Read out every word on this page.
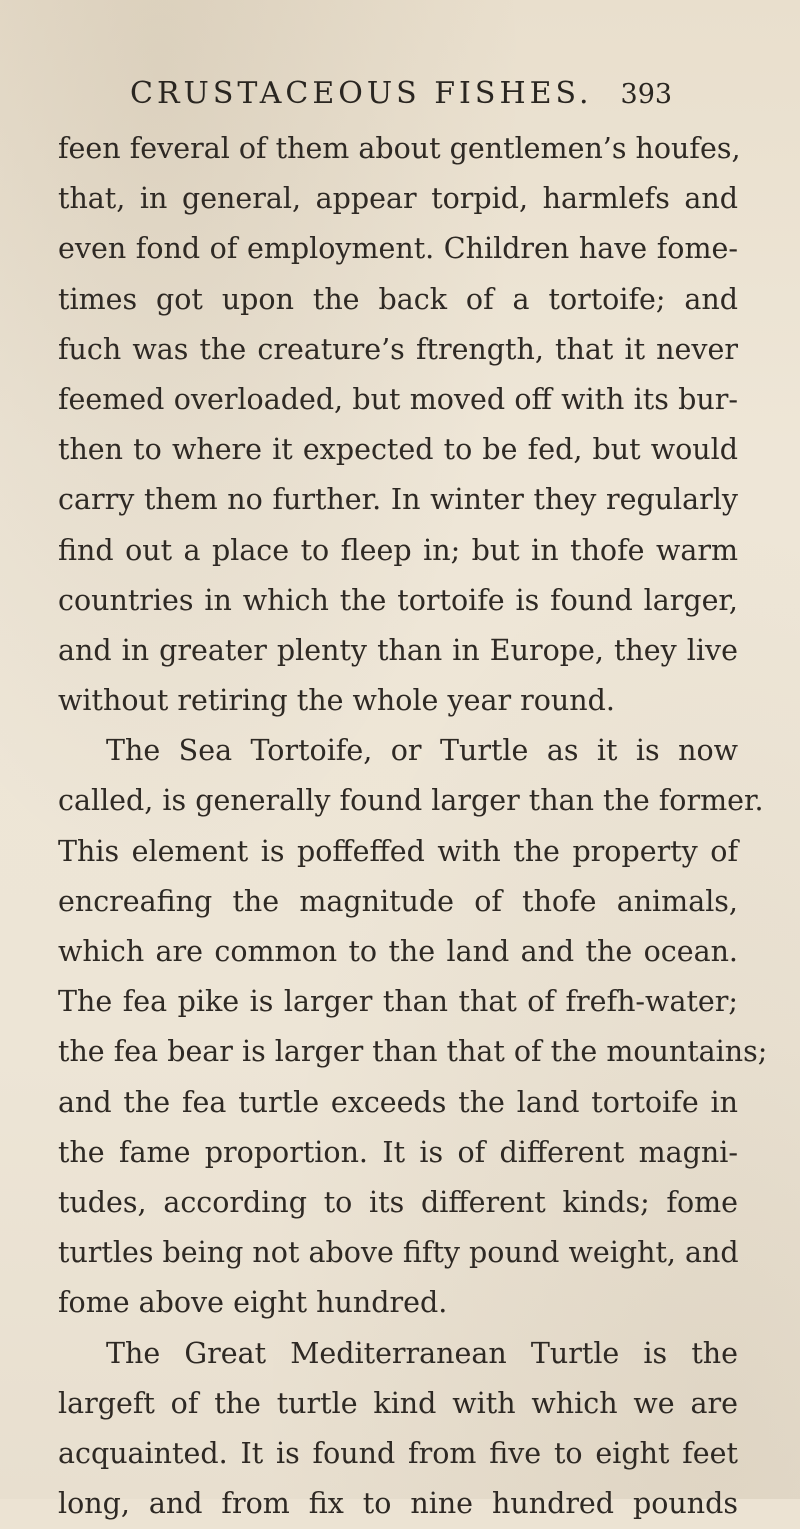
CRUSTACEOUS FISHES. 393
feen feveral of them about gentlemen’s houfes,
that, in general, appear torpid, harmlefs and
even fond of employment. Children have fome-
times got upon the back of a tortoife; and
fuch was the creature’s ftrength, that it never
feemed overloaded, but moved off with its bur-
then to where it expected to be fed, but would
carry them no further. In winter they regularly
find out a place to fleep in; but in thofe warm
countries in which the tortoife is found larger,
and in greater plenty than in Europe, they live
without retiring the whole year round.
The Sea Tortoife, or Turtle as it is now
called, is generally found larger than the former.
This element is poffeffed with the property of
encreafing the magnitude of thofe animals,
which are common to the land and the ocean.
The fea pike is larger than that of frefh-water;
the fea bear is larger than that of the mountains;
and the fea turtle exceeds the land tortoife in
the fame proportion. It is of different magni-
tudes, according to its different kinds; fome
turtles being not above fifty pound weight, and
fome above eight hundred.
The Great Mediterranean Turtle is the
largeft of the turtle kind with which we are
acquainted. It is found from five to eight feet
long, and from fix to nine hundred pounds
